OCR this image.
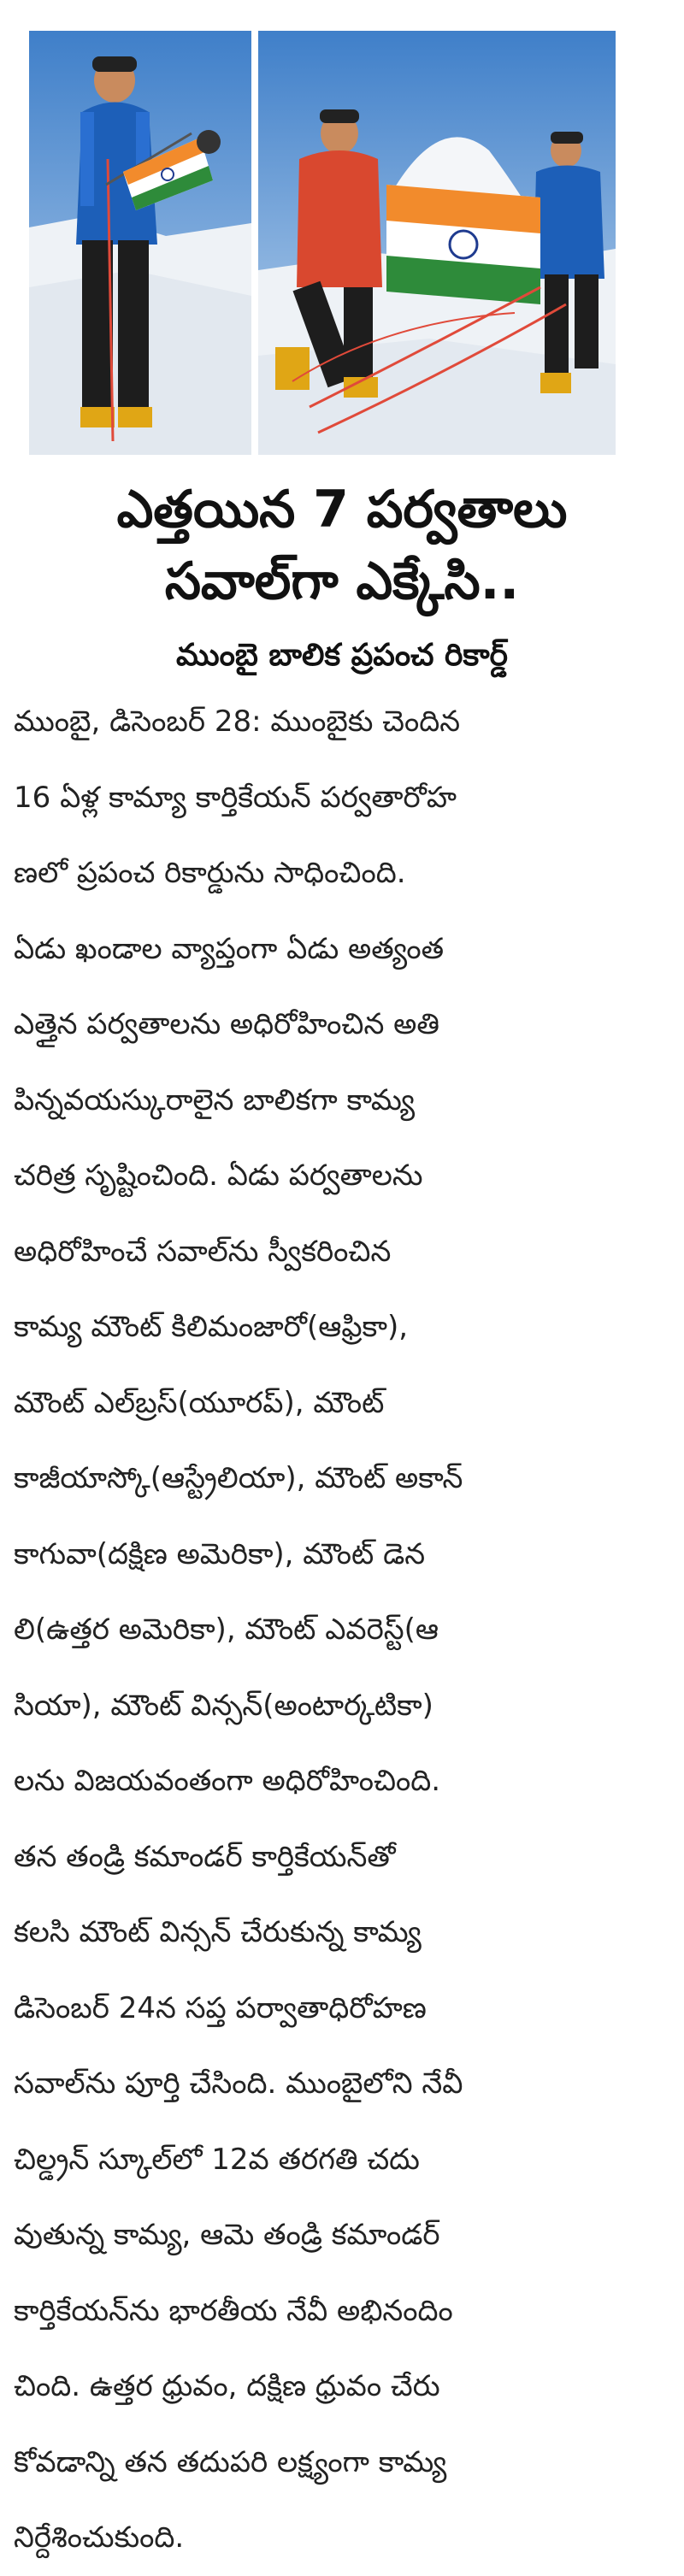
ఎత్తయిన 7 పర్వతాలు
సవాల్‌గా ఎక్కేసి..
ముంబై బాలిక ప్రపంచ రికార్డ్
ముంబై, డిసెంబర్ 28: ముంబైకు చెందిన
16 ఏళ్ల కామ్యా కార్తికేయన్ పర్వతారోహ
ణలో ప్రపంచ రికార్డును సాధించింది.
ఏడు ఖండాల వ్యాప్తంగా ఏడు అత్యంత
ఎత్తైన పర్వతాలను అధిరోహించిన అతి
పిన్నవయస్కురాలైన బాలికగా కామ్య
చరిత్ర సృష్టించింది. ఏడు పర్వతాలను
అధిరోహించే సవాల్‌ను స్వీకరించిన
కామ్య మౌంట్ కిలిమంజారో(ఆఫ్రికా),
మౌంట్ ఎల్‌బ్రస్(యూరప్), మౌంట్
కాజీయాస్కో(ఆస్ట్రేలియా), మౌంట్ అకాన్
కాగువా(దక్షిణ అమెరికా), మౌంట్ డెన
లి(ఉత్తర అమెరికా), మౌంట్ ఎవరెస్ట్(ఆ
సియా), మౌంట్ విన్సన్(అంటార్కటికా)
లను విజయవంతంగా అధిరోహించింది.
తన తండ్రి కమాండర్ కార్తికేయన్‌తో
కలసి మౌంట్ విన్సన్ చేరుకున్న కామ్య
డిసెంబర్ 24న సప్త పర్వాతాధిరోహణ
సవాల్‌ను పూర్తి చేసింది. ముంబైలోని నేవీ
చిల్డ్రన్ స్కూల్‌లో 12వ తరగతి చదు
వుతున్న కామ్య, ఆమె తండ్రి కమాండర్
కార్తికేయన్‌ను భారతీయ నేవీ అభినందిం
చింది. ఉత్తర ధ్రువం, దక్షిణ ధ్రువం చేరు
కోవడాన్ని తన తదుపరి లక్ష్యంగా కామ్య
నిర్దేశించుకుంది.
